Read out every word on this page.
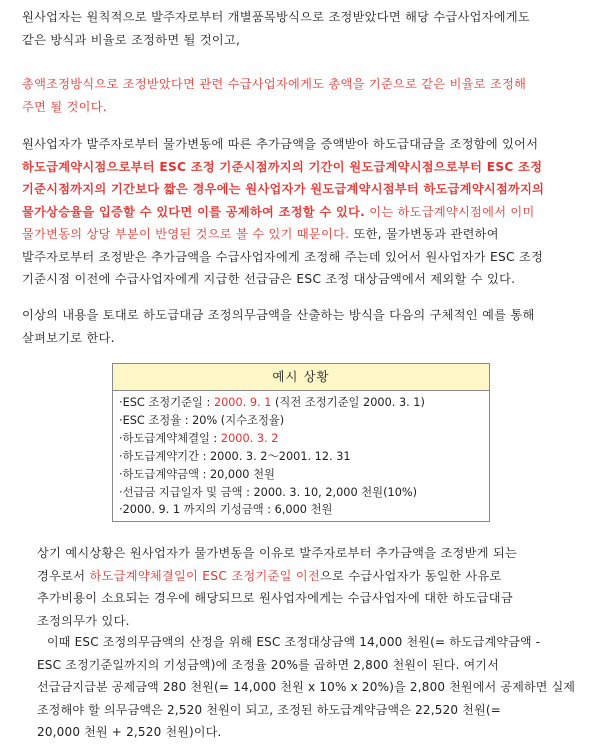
원사업자는 원칙적으로 발주자로부터 개별품목방식으로 조정받았다면 해당 수급사업자에게도

같은 방식과 비율로 조정하면 될 것이고,

총액조정방식으로 조정받았다면 관련 수급사업자에게도 총액을 기준으로 같은 비율로 조정해

주면 될 것이다.

원사업자가 발주자로부터 물가변동에 따른 추가금액을 증액받아 하도급대금을 조정함에 있어서

하도급계약시점으로부터 ESC 조정 기준시점까지의 기간이 원도급계약시점으로부터 ESC 조정

기준시점까지의 기간보다 짧은 경우에는 원사업자가 원도급계약시점부터 하도급계약시점까지의

물가상승율을 입증할 수 있다면 이를 공제하여 조정할 수 있다. 이는 하도급계약시점에서 이미

물가변동의 상당 부분이 반영된 것으로 볼 수 있기 때문이다. 또한, 물가변동과 관련하여

발주자로부터 조정받은 추가금액을 수급사업자에게 조정해 주는데 있어서 원사업자가 ESC 조정

기준시점 이전에 수급사업자에게 지급한 선급금은 ESC 조정 대상금액에서 제외할 수 있다.

이상의 내용을 토대로 하도급대금 조정의무금액을 산출하는 방식을 다음의 구체적인 예를 통해

살펴보기로 한다.

예시 상황
·ESC 조정기준일 : 2000. 9. 1 (직전 조정기준일 2000. 3. 1)
·ESC 조정율 : 20% (지수조정율)
·하도급계약체결일 : 2000. 3. 2
·하도급계약기간 : 2000. 3. 2～2001. 12. 31
·하도급계약금액 : 20,000 천원
·선급금 지급일자 및 금액 : 2000. 3. 10, 2,000 천원(10%)
·2000. 9. 1 까지의 기성금액 : 6,000 천원

상기 예시상황은 원사업자가 물가변동을 이유로 발주자로부터 추가금액을 조정받게 되는

경우로서 하도급계약체결일이 ESC 조정기준일 이전으로 수급사업자가 동일한 사유로

추가비용이 소요되는 경우에 해당되므로 원사업자에게는 수급사업자에 대한 하도급대금

조정의무가 있다.

이때 ESC 조정의무금액의 산정을 위해 ESC 조정대상금액 14,000 천원(= 하도급계약금액 -

ESC 조정기준일까지의 기성금액)에 조정율 20%를 곱하면 2,800 천원이 된다. 여기서

선급금지급분 공제금액 280 천원(= 14,000 천원 x 10% x 20%)을 2,800 천원에서 공제하면 실제

조정해야 할 의무금액은 2,520 천원이 되고, 조정된 하도급계약금액은 22,520 천원(=

20,000 천원 + 2,520 천원)이다.
